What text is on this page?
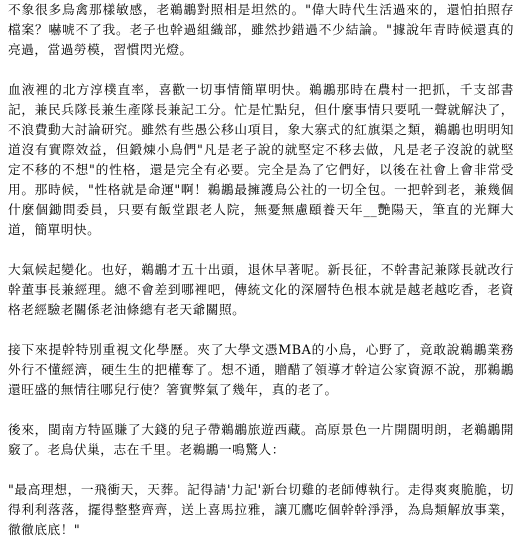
不象很多鳥禽那樣敏感，老鵜鶘對照相是坦然的。"偉大時代生活過來的，還怕拍照存檔案？嚇唬不了我。老子也幹過組織部，雖然抄錯過不少結論。"據說年青時候還真的亮過，當過勞模，習慣閃光燈。

血液裡的北方淳樸直率，喜歡一切事情簡單明快。鵜鶘那時在農村一把抓，千支部書記，兼民兵隊長兼生產隊長兼記工分。忙是忙點兒，但什麼事情只要吼一聲就解決了，不浪費動大討論研究。雖然有些愚公移山項目，象大寨式的紅旗渠之類，鵜鶘也明明知道沒有實際效益，但鍛煉小鳥們"凡是老子說的就堅定不移去做，凡是老子沒說的就堅定不移的不想"的性格，還是完全有必要。完全是為了它們好，以後在社會上會非常受用。那時候，"性格就是命運"啊！鵜鶘最擁護鳥公社的一切全包。一把幹到老，兼幾個什麼個鋤問委員，只要有飯堂跟老人院，無憂無慮頤養天年__艷陽天，筆直的光輝大道，簡單明快。

大氣候起變化。也好，鵜鶘才五十出頭，退休早著呢。新長征，不幹書記兼隊長就改行幹董事長兼經理。總不會差到哪裡吧，傳統文化的深層特色根本就是越老越吃香，老資格老經驗老關係老油條總有老天爺關照。

接下來提幹特別重視文化學歷。夾了大學文憑MBA的小鳥，心野了，竟敢說鵜鶘業務外行不懂經濟，硬生生的把權奪了。想不通，贈醋了領導才幹這公家資源不說，那鵜鶘還旺盛的無情往哪兒行使？箸實弊氣了幾年，真的老了。

後來，閩南方特區賺了大錢的兒子帶鵜鶘旅遊西藏。高原景色一片開闊明朗，老鵜鶘開竅了。老鳥伏巢，志在千里。老鵜鶘一鳴驚人：

"最高理想，一飛衝天，天葬。記得請'力記'新台切雞的老師傅執行。走得爽爽脆脆，切得利利落落，擺得整整齊齊，送上喜馬拉雅，讓兀鷹吃個幹幹淨淨，為鳥類解放事業，徹徹底底！"
